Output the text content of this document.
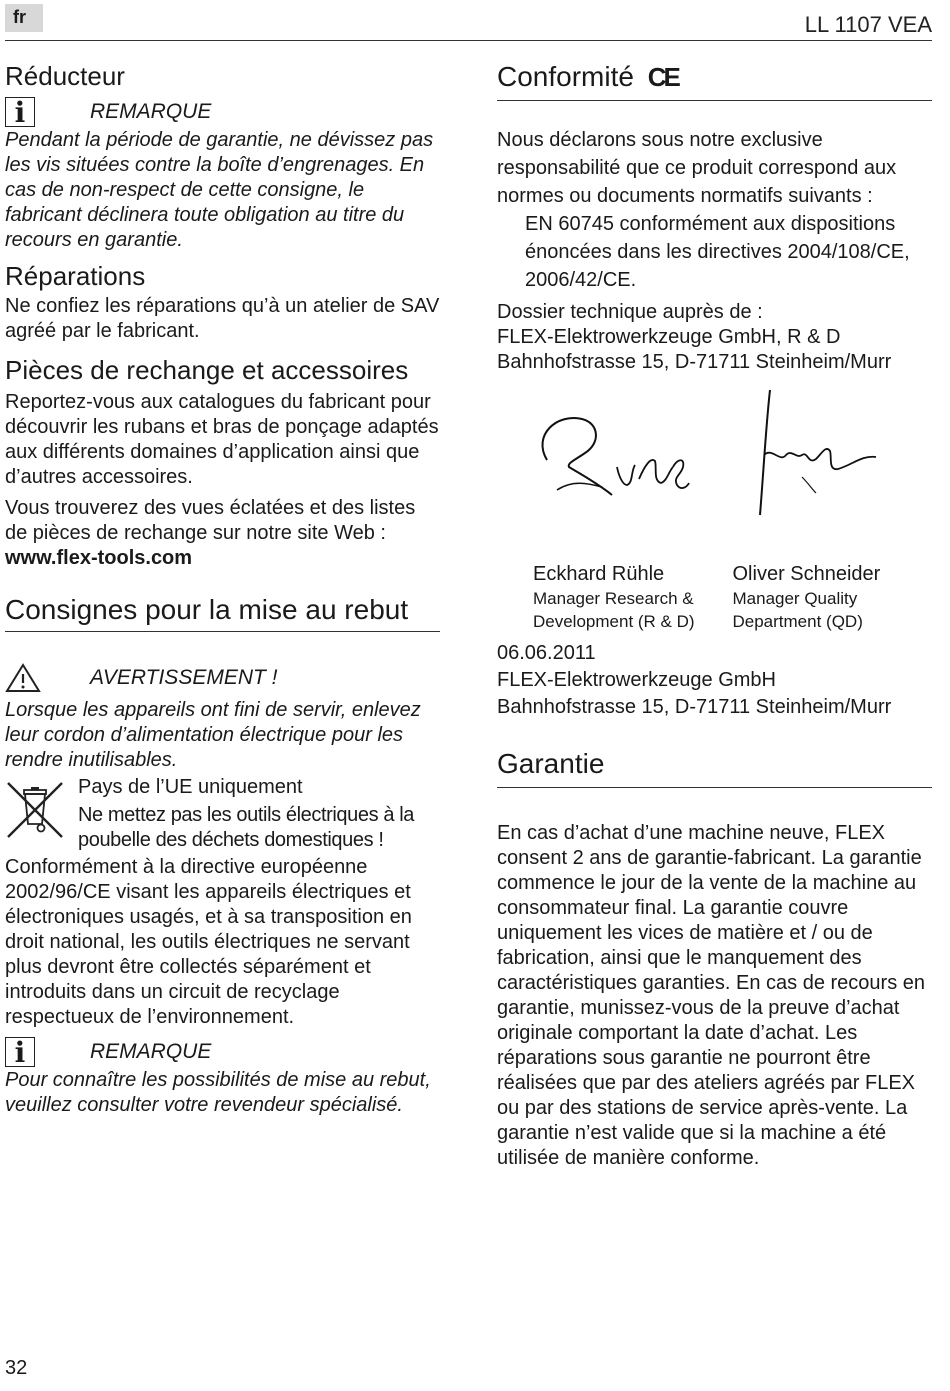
fr	LL 1107 VEA
Réducteur
i	REMARQUE

Pendant la période de garantie, ne dévissez pas les vis situées contre la boîte d’engrenages. En cas de non-respect de cette consigne, le fabricant déclinera toute obligation au titre du recours en garantie.

Réparations

Ne confiez les réparations qu’à un atelier de SAV agréé par le fabricant.

Pièces de rechange et accessoires

Reportez-vous aux catalogues du fabricant pour découvrir les rubans et bras de ponçage adaptés aux différents domaines d’application ainsi que d’autres accessoires.

Vous trouverez des vues éclatées et des listes de pièces de rechange sur notre site Web :

www.flex-tools.com

Consignes pour la mise au rebut
AVERTISSEMENT !

Lorsque les appareils ont fini de servir, enlevez leur cordon d’alimentation électrique pour les rendre inutilisables.

Pays de l’UE uniquement

Ne mettez pas les outils électriques à la poubelle des déchets domestiques !

Conformément à la directive européenne 2002/96/CE visant les appareils électriques et électroniques usagés, et à sa transposition en droit national, les outils électriques ne servant plus devront être collectés séparément et introduits dans un circuit de recyclage respectueux de l’environnement.

i	REMARQUE

Pour connaître les possibilités de mise au rebut, veuillez consulter votre revendeur spécialisé.

Conformité CE

Nous déclarons sous notre exclusive responsabilité que ce produit correspond aux normes ou documents normatifs suivants :

EN 60745 conformément aux dispositions énoncées dans les directives 2004/108/CE, 2006/42/CE.

Dossier technique auprès de :

FLEX-Elektrowerkzeuge GmbH, R & D

Bahnhofstrasse 15, D-71711 Steinheim/Murr

Eckhard Rühle
Manager Research &
Development (R & D)
Oliver Schneider
Manager Quality
Department (QD)

06.06.2011

FLEX-Elektrowerkzeuge GmbH

Bahnhofstrasse 15, D-71711 Steinheim/Murr

Garantie

En cas d’achat d’une machine neuve, FLEX consent 2 ans de garantie-fabricant. La garantie commence le jour de la vente de la machine au consommateur final. La garantie couvre uniquement les vices de matière et / ou de fabrication, ainsi que le manquement des caractéristiques garanties. En cas de recours en garantie, munissez-vous de la preuve d’achat originale comportant la date d’achat. Les réparations sous garantie ne pourront être réalisées que par des ateliers agréés par FLEX ou par des stations de service après-vente. La garantie n’est valide que si la machine a été utilisée de manière conforme.

32
